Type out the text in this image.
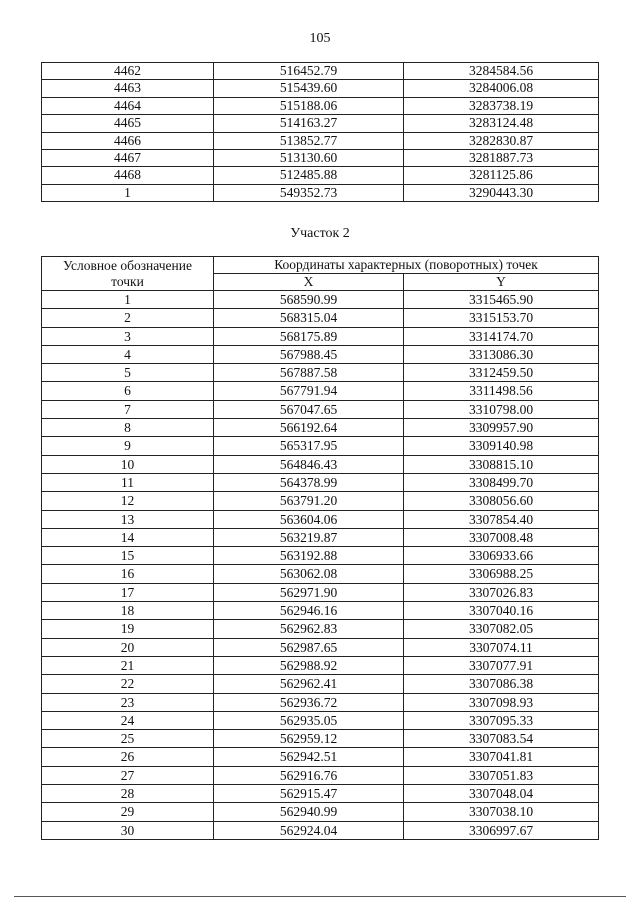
105
4462	516452.79	3284584.56
4463	515439.60	3284006.08
4464	515188.06	3283738.19
4465	514163.27	3283124.48
4466	513852.77	3282830.87
4467	513130.60	3281887.73
4468	512485.88	3281125.86
1	549352.73	3290443.30
Участок 2
Условное обозначение точки	Координаты характерных (поворотных) точек	
	X	Y
1	568590.99	3315465.90
2	568315.04	3315153.70
3	568175.89	3314174.70
4	567988.45	3313086.30
5	567887.58	3312459.50
6	567791.94	3311498.56
7	567047.65	3310798.00
8	566192.64	3309957.90
9	565317.95	3309140.98
10	564846.43	3308815.10
11	564378.99	3308499.70
12	563791.20	3308056.60
13	563604.06	3307854.40
14	563219.87	3307008.48
15	563192.88	3306933.66
16	563062.08	3306988.25
17	562971.90	3307026.83
18	562946.16	3307040.16
19	562962.83	3307082.05
20	562987.65	3307074.11
21	562988.92	3307077.91
22	562962.41	3307086.38
23	562936.72	3307098.93
24	562935.05	3307095.33
25	562959.12	3307083.54
26	562942.51	3307041.81
27	562916.76	3307051.83
28	562915.47	3307048.04
29	562940.99	3307038.10
30	562924.04	3306997.67
